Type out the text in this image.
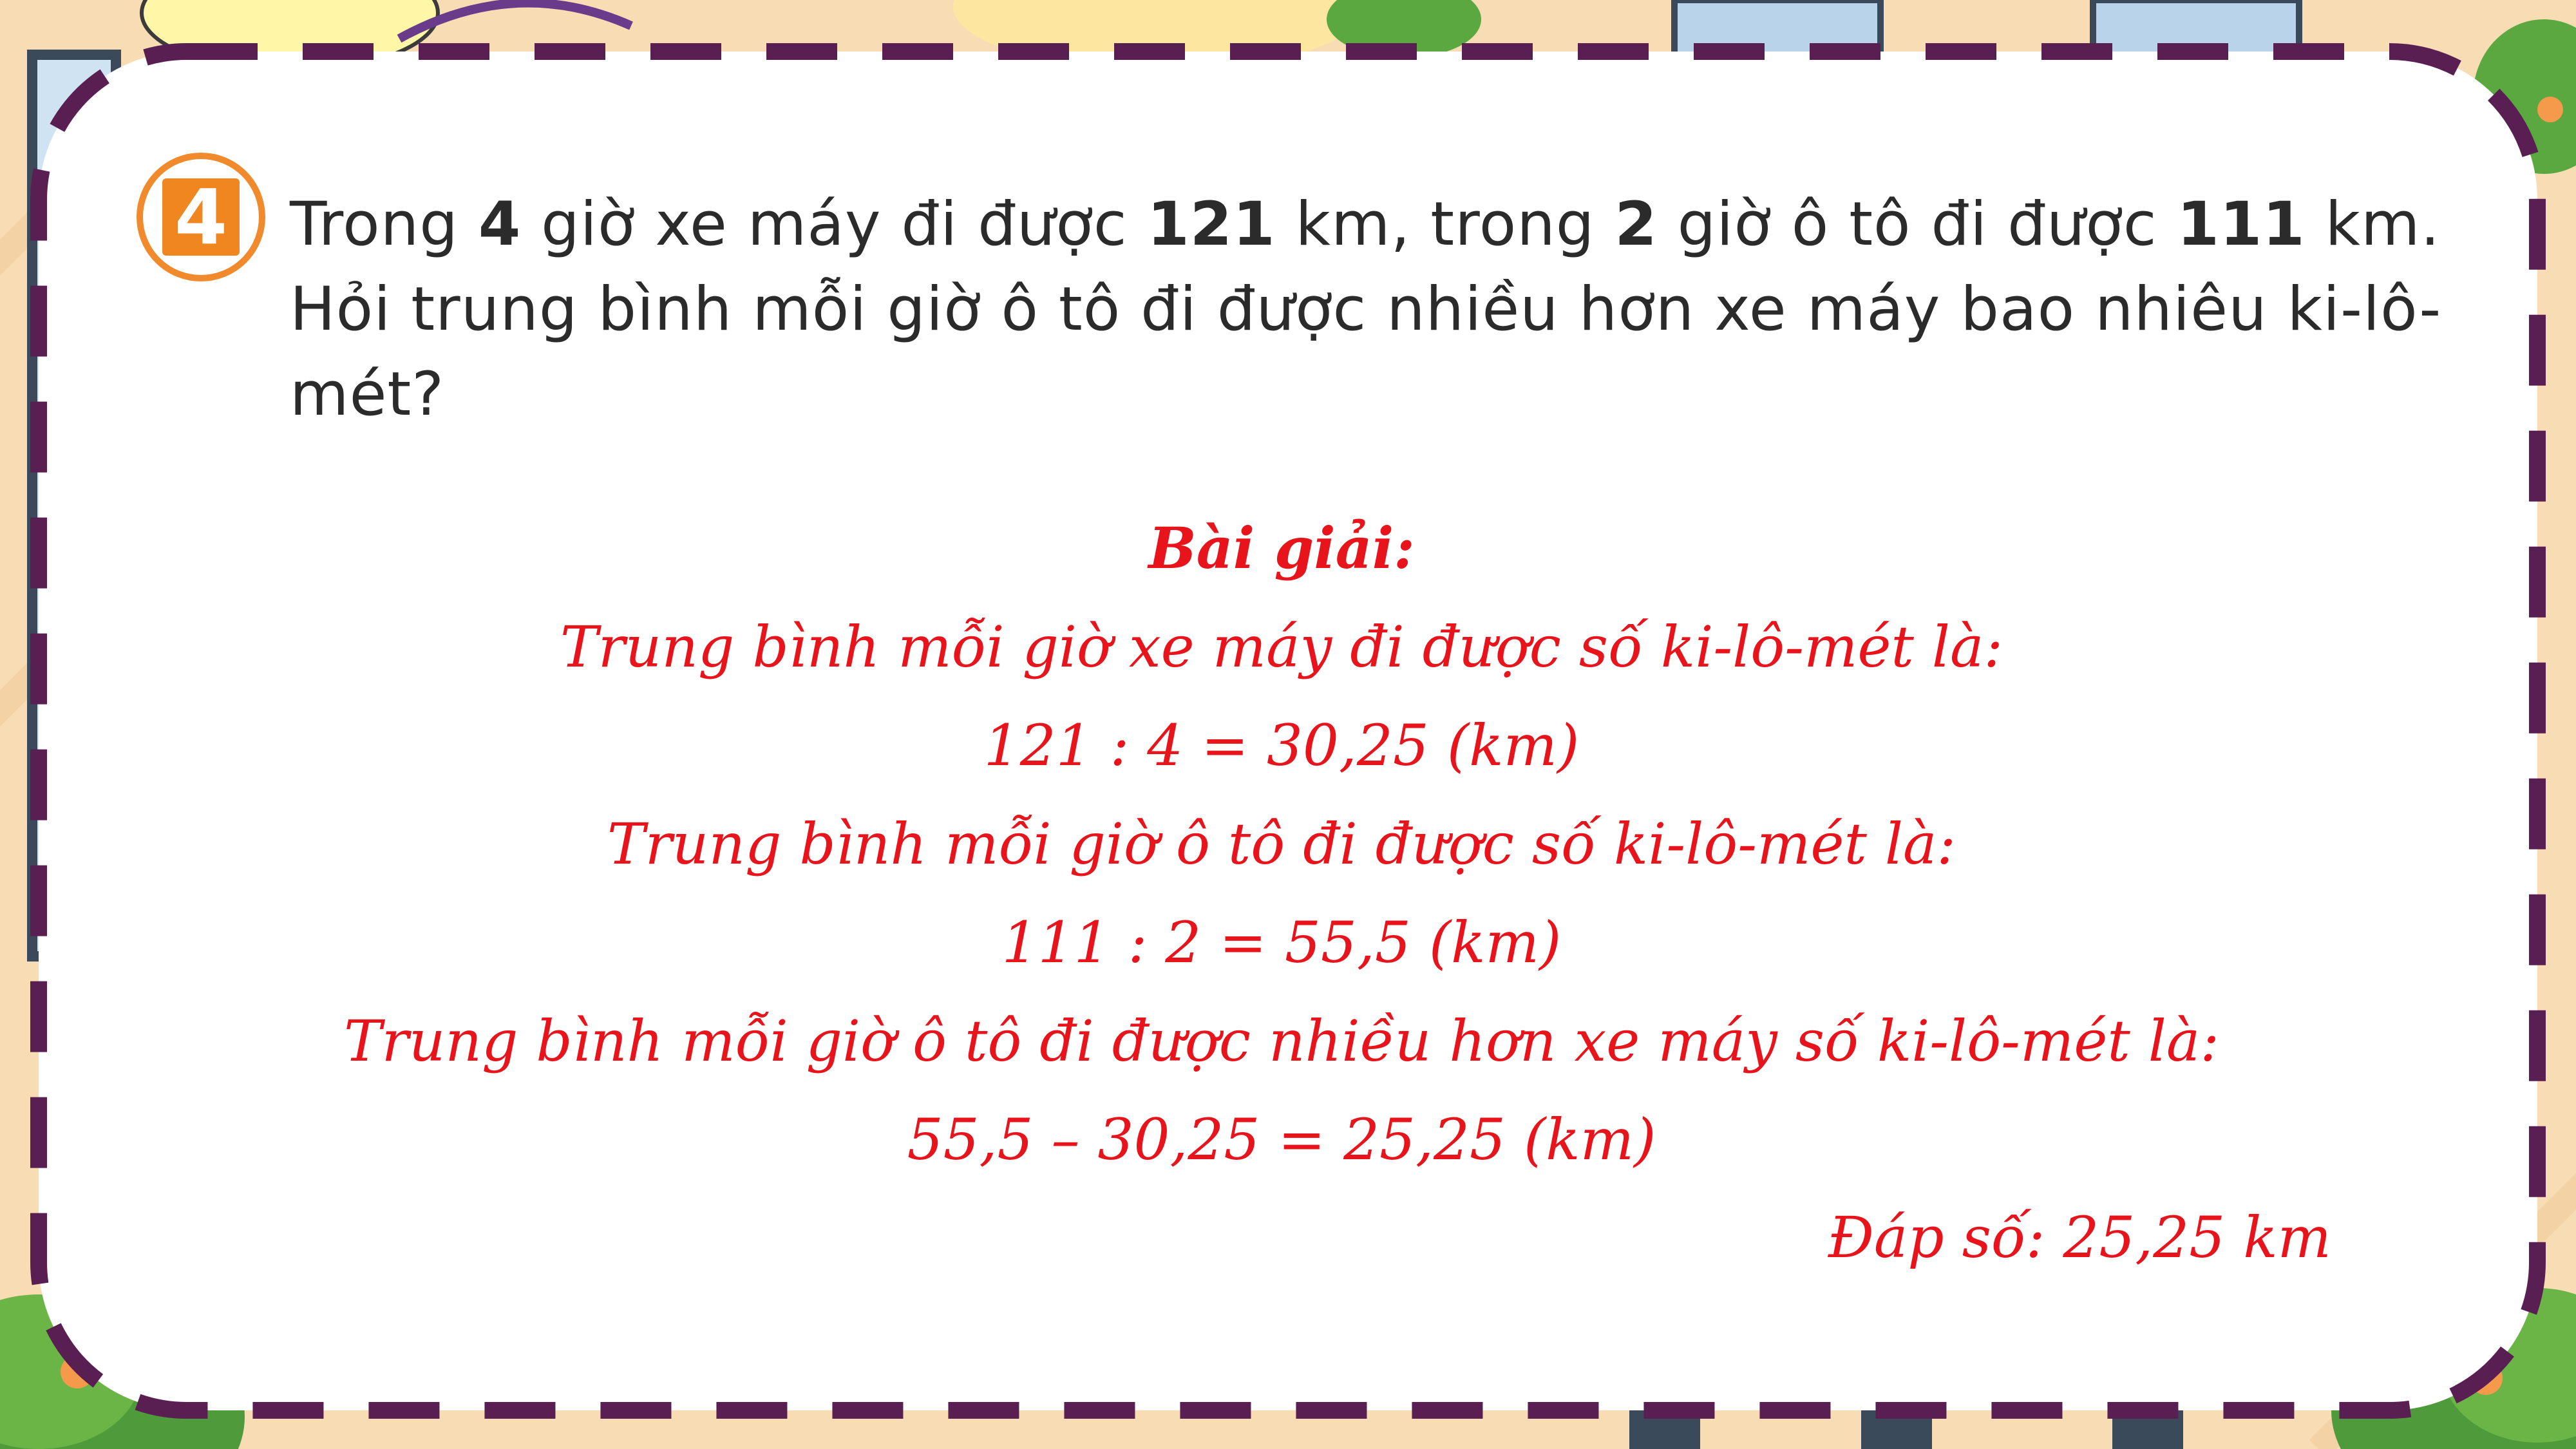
4 Trong 4 giờ xe máy đi được 121 km, trong 2 giờ ô tô đi được 111 km. Hỏi trung bình mỗi giờ ô tô đi được nhiều hơn xe máy bao nhiêu ki-lô-mét?
Bài giải:
Trung bình mỗi giờ xe máy đi được số ki-lô-mét là:
121 : 4 = 30,25 (km)
Trung bình mỗi giờ ô tô đi được số ki-lô-mét là:
111 : 2 = 55,5 (km)
Trung bình mỗi giờ ô tô đi được nhiều hơn xe máy số ki-lô-mét là:
55,5 – 30,25 = 25,25 (km)
Đáp số: 25,25 km
